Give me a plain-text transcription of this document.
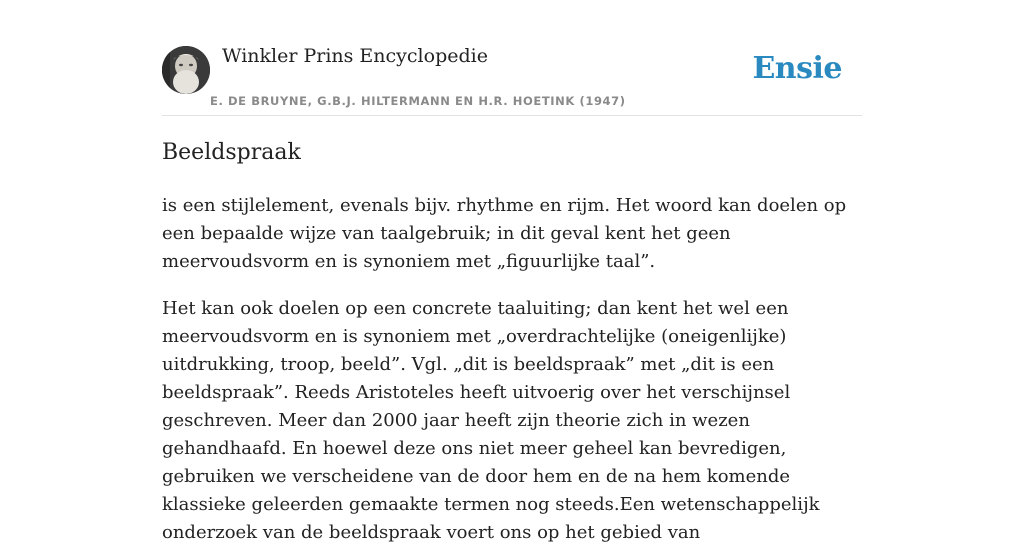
Winkler Prins Encyclopedie
E. DE BRUYNE, G.B.J. HILTERMANN EN H.R. HOETINK (1947)
Ensie
Beeldspraak

is een stijlelement, evenals bijv. rhythme en rijm. Het woord kan doelen op een bepaalde wijze van taalgebruik; in dit geval kent het geen meervoudsvorm en is synoniem met „figuurlijke taal”.

Het kan ook doelen op een concrete taaluiting; dan kent het wel een meervoudsvorm en is synoniem met „overdrachtelijke (oneigenlijke) uitdrukking, troop, beeld”. Vgl. „dit is beeldspraak” met „dit is een beeldspraak”. Reeds Aristoteles heeft uitvoerig over het verschijnsel geschreven. Meer dan 2000 jaar heeft zijn theorie zich in wezen gehandhaafd. En hoewel deze ons niet meer geheel kan bevredigen, gebruiken we verscheidene van de door hem en de na hem komende klassieke geleerden gemaakte termen nog steeds.Een wetenschappelijk onderzoek van de beeldspraak voert ons op het gebied van
